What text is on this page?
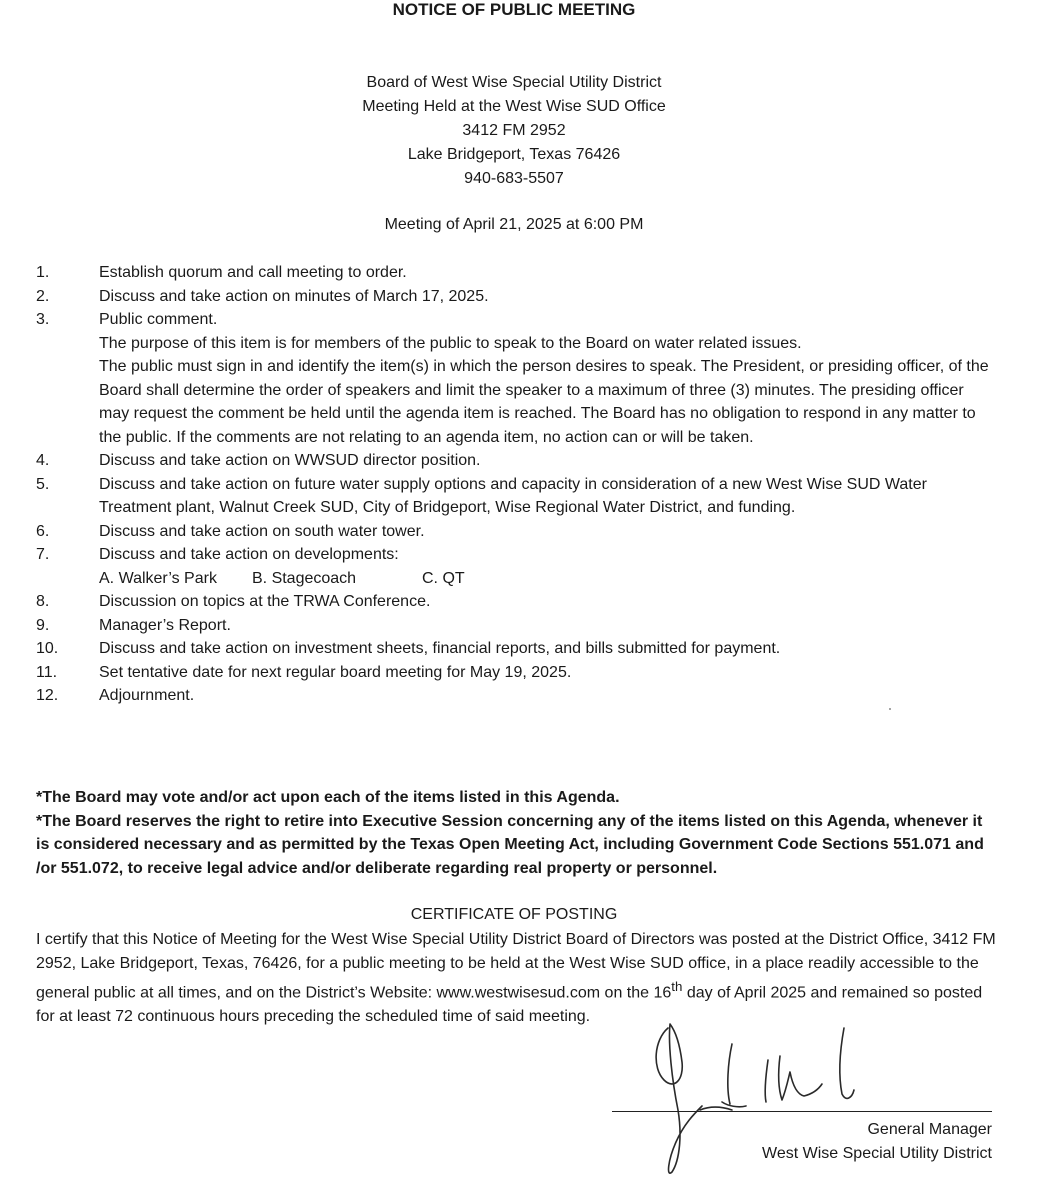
NOTICE OF PUBLIC MEETING
Board of West Wise Special Utility District
Meeting Held at the West Wise SUD Office
3412 FM 2952
Lake Bridgeport, Texas 76426
940-683-5507
Meeting of April 21, 2025 at 6:00 PM
1.	Establish quorum and call meeting to order.
2.	Discuss and take action on minutes of March 17, 2025.
3.	Public comment.
The purpose of this item is for members of the public to speak to the Board on water related issues.
The public must sign in and identify the item(s) in which the person desires to speak. The President, or presiding officer, of the Board shall determine the order of speakers and limit the speaker to a maximum of three (3) minutes. The presiding officer may request the comment be held until the agenda item is reached. The Board has no obligation to respond in any matter to the public. If the comments are not relating to an agenda item, no action can or will be taken.
4.	Discuss and take action on WWSUD director position.
5.	Discuss and take action on future water supply options and capacity in consideration of a new West Wise SUD Water Treatment plant, Walnut Creek SUD, City of Bridgeport, Wise Regional Water District, and funding.
6.	Discuss and take action on south water tower.
7.	Discuss and take action on developments:
A. Walker’s Park B. Stagecoach	C. QT
8.	Discussion on topics at the TRWA Conference.
9.	Manager’s Report.
10.	Discuss and take action on investment sheets, financial reports, and bills submitted for payment.
11.	Set tentative date for next regular board meeting for May 19, 2025.
12.	Adjournment.
*The Board may vote and/or act upon each of the items listed in this Agenda.
*The Board reserves the right to retire into Executive Session concerning any of the items listed on this Agenda, whenever it is considered necessary and as permitted by the Texas Open Meeting Act, including Government Code Sections 551.071 and /or 551.072, to receive legal advice and/or deliberate regarding real property or personnel.
CERTIFICATE OF POSTING
I certify that this Notice of Meeting for the West Wise Special Utility District Board of Directors was posted at the District Office, 3412 FM 2952, Lake Bridgeport, Texas, 76426, for a public meeting to be held at the West Wise SUD office, in a place readily accessible to the general public at all times, and on the District’s Website: www.westwisesud.com on the 16th day of April 2025 and remained so posted for at least 72 continuous hours preceding the scheduled time of said meeting.
General Manager
West Wise Special Utility District
